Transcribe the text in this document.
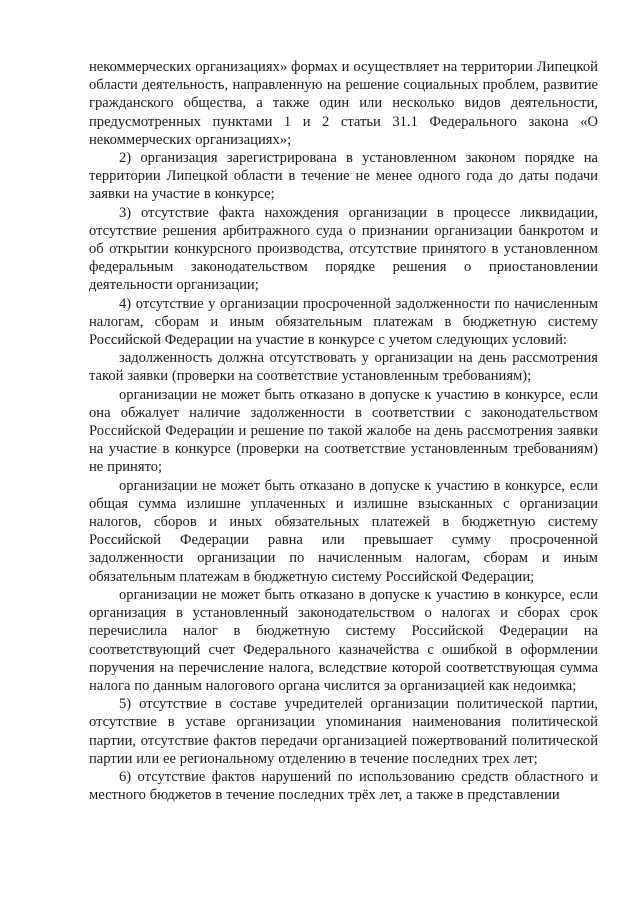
некоммерческих организациях» формах и осуществляет на территории Липецкой области деятельность, направленную на решение социальных проблем, развитие гражданского общества, а также один или несколько видов деятельности, предусмотренных пунктами 1 и 2 статьи 31.1 Федерального закона «О некоммерческих организациях»;

2) организация зарегистрирована в установленном законом порядке на территории Липецкой области в течение не менее одного года до даты подачи заявки на участие в конкурсе;

3) отсутствие факта нахождения организации в процессе ликвидации, отсутствие решения арбитражного суда о признании организации банкротом и об открытии конкурсного производства, отсутствие принятого в установленном федеральным законодательством порядке решения о приостановлении деятельности организации;

4) отсутствие у организации просроченной задолженности по начисленным налогам, сборам и иным обязательным платежам в бюджетную систему Российской Федерации на участие в конкурсе с учетом следующих условий:

задолженность должна отсутствовать у организации на день рассмотрения такой заявки (проверки на соответствие установленным требованиям);

организации не может быть отказано в допуске к участию в конкурсе, если она обжалует наличие задолженности в соответствии с законодательством Российской Федерации и решение по такой жалобе на день рассмотрения заявки на участие в конкурсе (проверки на соответствие установленным требованиям) не принято;

организации не может быть отказано в допуске к участию в конкурсе, если общая сумма излишне уплаченных и излишне взысканных с организации налогов, сборов и иных обязательных платежей в бюджетную систему Российской Федерации равна или превышает сумму просроченной задолженности организации по начисленным налогам, сборам и иным обязательным платежам в бюджетную систему Российской Федерации;

организации не может быть отказано в допуске к участию в конкурсе, если организация в установленный законодательством о налогах и сборах срок перечислила налог в бюджетную систему Российской Федерации на соответствующий счет Федерального казначейства с ошибкой в оформлении поручения на перечисление налога, вследствие которой соответствующая сумма налога по данным налогового органа числится за организацией как недоимка;

5) отсутствие в составе учредителей организации политической партии, отсутствие в уставе организации упоминания наименования политической партии, отсутствие фактов передачи организацией пожертвований политической партии или ее региональному отделению в течение последних трех лет;

6) отсутствие фактов нарушений по использованию средств областного и местного бюджетов в течение последних трёх лет, а также в представлении
